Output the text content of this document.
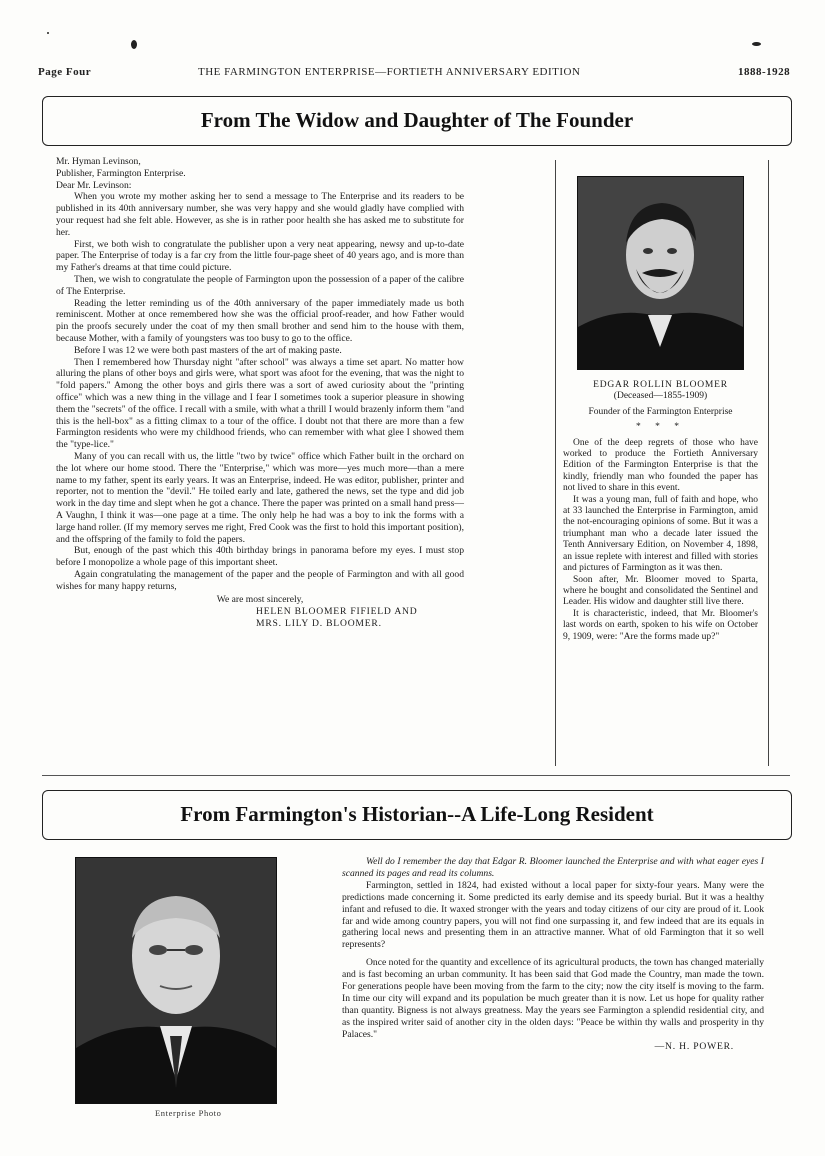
Page Four	THE FARMINGTON ENTERPRISE—FORTIETH ANNIVERSARY EDITION	1888-1928
From The Widow and Daughter of The Founder

Mr. Hyman Levinson,

Publisher, Farmington Enterprise.

Dear Mr. Levinson:

When you wrote my mother asking her to send a message to The Enterprise and its readers to be published in its 40th anniversary number, she was very happy and she would gladly have complied with your request had she felt able. However, as she is in rather poor health she has asked me to substitute for her.

First, we both wish to congratulate the publisher upon a very neat appearing, newsy and up-to-date paper. The Enterprise of today is a far cry from the little four-page sheet of 40 years ago, and is more than my Father's dreams at that time could picture.

Then, we wish to congratulate the people of Farmington upon the possession of a paper of the calibre of The Enterprise.

Reading the letter reminding us of the 40th anniversary of the paper immediately made us both reminiscent. Mother at once remembered how she was the official proof-reader, and how Father would pin the proofs securely under the coat of my then small brother and send him to the house with them, because Mother, with a family of youngsters was too busy to go to the office.

Before I was 12 we were both past masters of the art of making paste.

Then I remembered how Thursday night "after school" was always a time set apart. No matter how alluring the plans of other boys and girls were, what sport was afoot for the evening, that was the night to "fold papers." Among the other boys and girls there was a sort of awed curiosity about the "printing office" which was a new thing in the village and I fear I sometimes took a superior pleasure in showing them the "secrets" of the office. I recall with a smile, with what a thrill I would brazenly inform them "and this is the hell-box" as a fitting climax to a tour of the office. I doubt not that there are more than a few Farmington residents who were my childhood friends, who can remember with what glee I showed them the "type-lice."

Many of you can recall with us, the little "two by twice" office which Father built in the orchard on the lot where our home stood. There the "Enterprise," which was more—yes much more—than a mere name to my father, spent its early years. It was an Enterprise, indeed. He was editor, publisher, printer and reporter, not to mention the "devil." He toiled early and late, gathered the news, set the type and did job work in the day time and slept when he got a chance. There the paper was printed on a small hand press—A Vaughn, I think it was—one page at a time. The only help he had was a boy to ink the forms with a large hand roller. (If my memory serves me right, Fred Cook was the first to hold this important position), and the offspring of the family to fold the papers.

But, enough of the past which this 40th birthday brings in panorama before my eyes. I must stop before I monopolize a whole page of this important sheet.

Again congratulating the management of the paper and the people of Farmington and with all good wishes for many happy returns,

We are most sincerely,

HELEN BLOOMER FIFIELD AND

MRS. LILY D. BLOOMER.

EDGAR ROLLIN BLOOMER

(Deceased—1855-1909)

Founder of the Farmington Enterprise

* * *

One of the deep regrets of those who have worked to produce the Fortieth Anniversary Edition of the Farmington Enterprise is that the kindly, friendly man who founded the paper has not lived to share in this event.

It was a young man, full of faith and hope, who at 33 launched the Enterprise in Farmington, amid the not-encouraging opinions of some. But it was a triumphant man who a decade later issued the Tenth Anniversary Edition, on November 4, 1898, an issue replete with interest and filled with stories and pictures of Farmington as it was then.

Soon after, Mr. Bloomer moved to Sparta, where he bought and consolidated the Sentinel and Leader. His widow and daughter still live there.

It is characteristic, indeed, that Mr. Bloomer's last words on earth, spoken to his wife on October 9, 1909, were: "Are the forms made up?"

From Farmington's Historian--A Life-Long Resident
Enterprise Photo

Well do I remember the day that Edgar R. Bloomer launched the Enterprise and with what eager eyes I scanned its pages and read its columns.

Farmington, settled in 1824, had existed without a local paper for sixty-four years. Many were the predictions made concerning it. Some predicted its early demise and its speedy burial. But it was a healthy infant and refused to die. It waxed stronger with the years and today citizens of our city are proud of it. Look far and wide among country papers, you will not find one surpassing it, and few indeed that are its equals in gathering local news and presenting them in an attractive manner. What of old Farmington that it so well represents?

Once noted for the quantity and excellence of its agricultural products, the town has changed materially and is fast becoming an urban community. It has been said that God made the Country, man made the town. For generations people have been moving from the farm to the city; now the city itself is moving to the farm. In time our city will expand and its population be much greater than it is now. Let us hope for quality rather than quantity. Bigness is not always greatness. May the years see Farmington a splendid residential city, and as the inspired writer said of another city in the olden days: "Peace be within thy walls and prosperity in thy Palaces."

—N. H. POWER.
